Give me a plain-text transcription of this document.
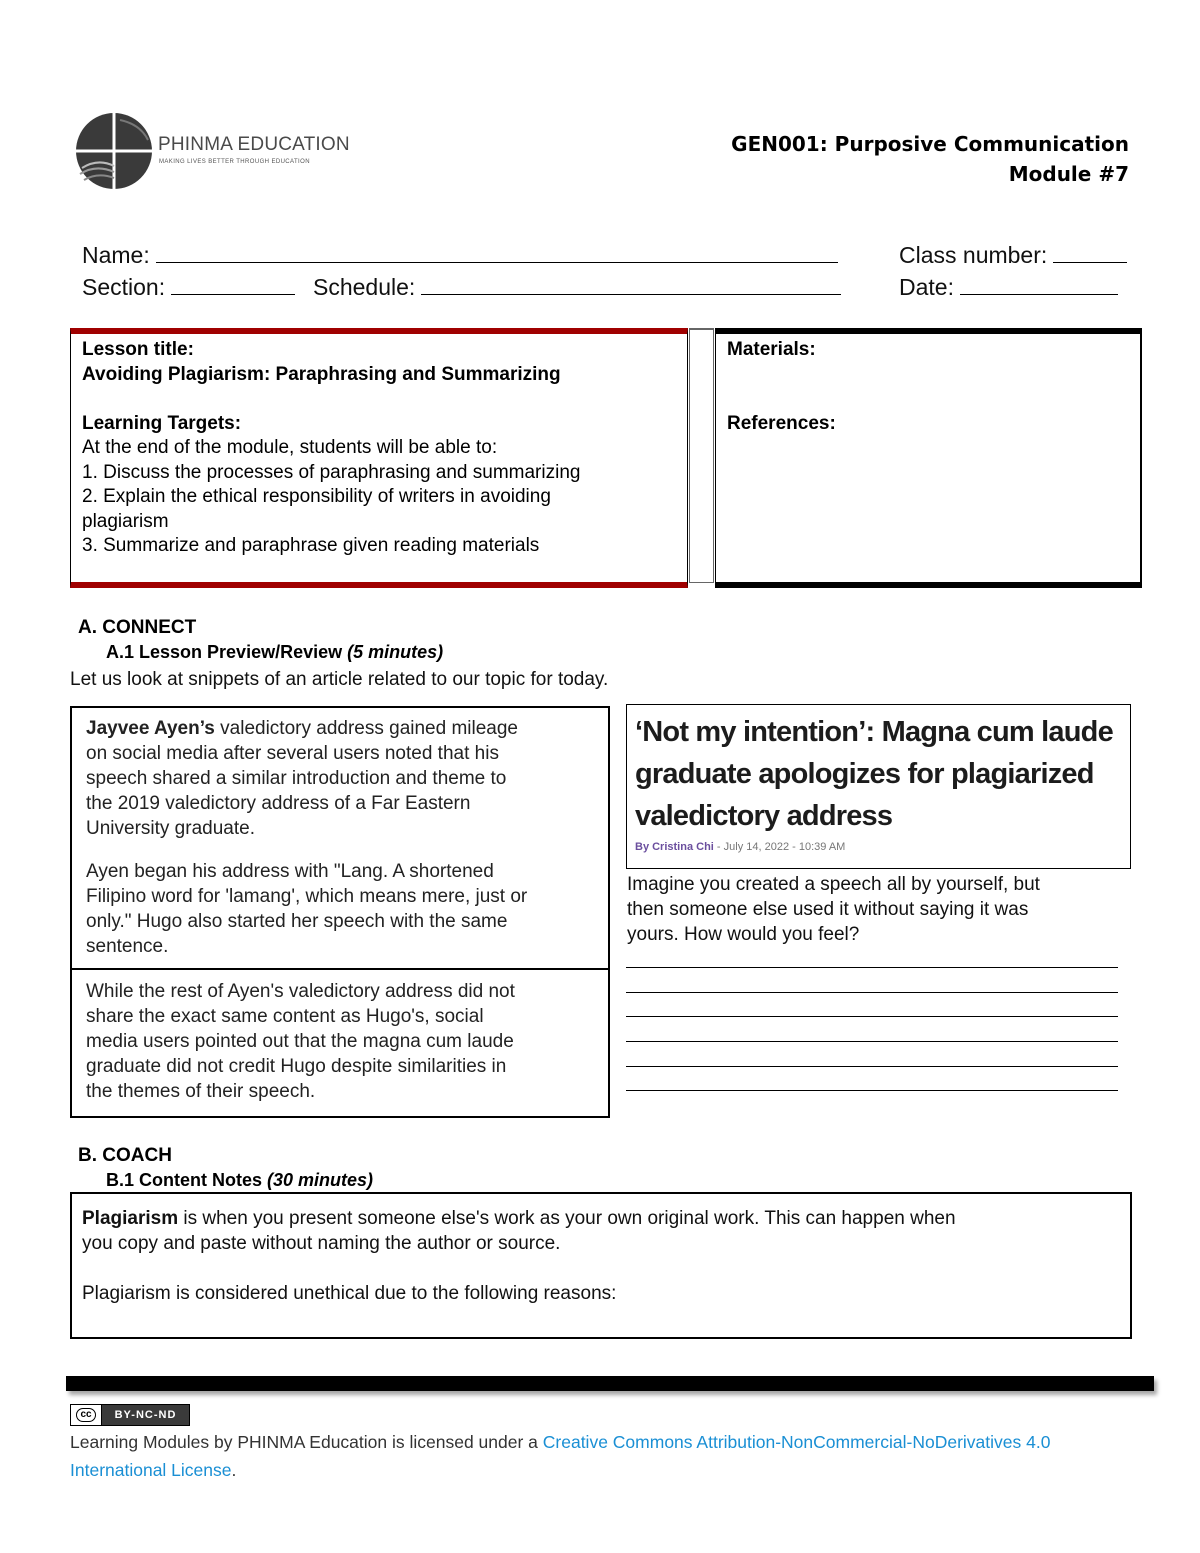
PHINMA EDUCATION
MAKING LIVES BETTER THROUGH EDUCATION
GEN001: Purposive Communication
Module #7
Name:	Class number:
Section:	Schedule:	Date:
Lesson title:
Avoiding Plagiarism: Paraphrasing and Summarizing
Learning Targets:
At the end of the module, students will be able to:
1. Discuss the processes of paraphrasing and summarizing
2. Explain the ethical responsibility of writers in avoiding
plagiarism
3. Summarize and paraphrase given reading materials
Materials:
References:
A. CONNECT
A.1 Lesson Preview/Review (5 minutes)
Let us look at snippets of an article related to our topic for today.
Jayvee Ayen’s valedictory address gained mileage
on social media after several users noted that his
speech shared a similar introduction and theme to
the 2019 valedictory address of a Far Eastern
University graduate.
Ayen began his address with "Lang. A shortened
Filipino word for 'lamang', which means mere, just or
only." Hugo also started her speech with the same
sentence.
While the rest of Ayen's valedictory address did not
share the exact same content as Hugo's, social
media users pointed out that the magna cum laude
graduate did not credit Hugo despite similarities in
the themes of their speech.
‘Not my intention’: Magna cum laude
graduate apologizes for plagiarized
valedictory address
By Cristina Chi - July 14, 2022 - 10:39 AM
Imagine you created a speech all by yourself, but
then someone else used it without saying it was
yours. How would you feel?
B. COACH
B.1 Content Notes (30 minutes)
Plagiarism is when you present someone else's work as your own original work. This can happen when
you copy and paste without naming the author or source.
Plagiarism is considered unethical due to the following reasons:
cc	BY-NC-ND
Learning Modules by PHINMA Education is licensed under a Creative Commons Attribution-NonCommercial-NoDerivatives 4.0
International License.
